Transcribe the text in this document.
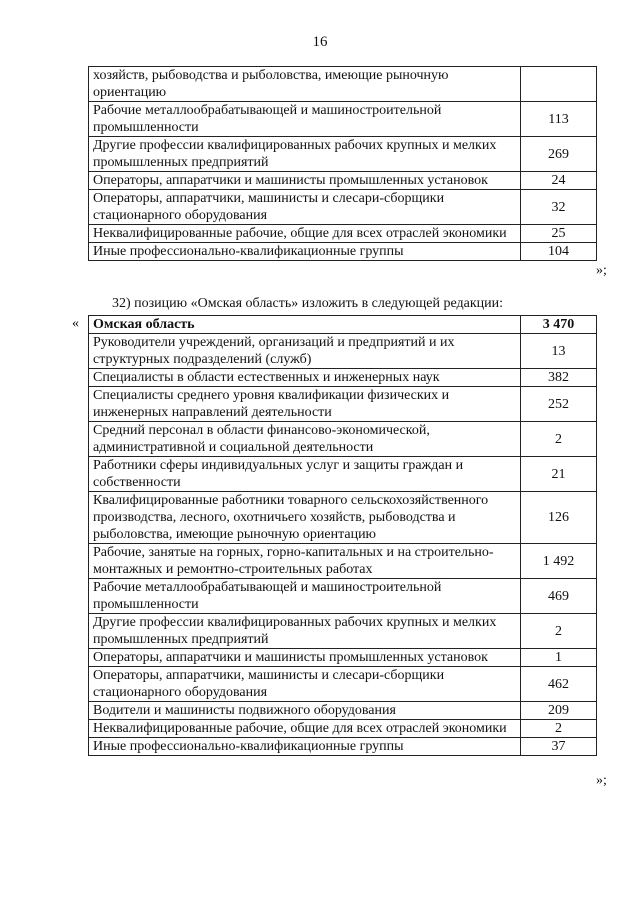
16
хозяйств, рыбоводства и рыболовства, имеющие рыночную ориентацию	
Рабочие металлообрабатывающей и машиностроительной промышленности	113
Другие профессии квалифицированных рабочих крупных и мелких промышленных предприятий	269
Операторы, аппаратчики и машинисты промышленных установок	24
Операторы, аппаратчики, машинисты и слесари-сборщики стационарного оборудования	32
Неквалифицированные рабочие, общие для всех отраслей экономики	25
Иные профессионально-квалификационные группы	104
»;
32) позицию «Омская область» изложить в следующей редакции:
« Омская область	3 470
Руководители учреждений, организаций и предприятий и их структурных подразделений (служб)	13
Специалисты в области естественных и инженерных наук	382
Специалисты среднего уровня квалификации физических и инженерных направлений деятельности	252
Средний персонал в области финансово-экономической, административной и социальной деятельности	2
Работники сферы индивидуальных услуг и защиты граждан и собственности	21
Квалифицированные работники товарного сельскохозяйственного производства, лесного, охотничьего хозяйств, рыбоводства и рыболовства, имеющие рыночную ориентацию	126
Рабочие, занятые на горных, горно-капитальных и на строительно-монтажных и ремонтно-строительных работах	1 492
Рабочие металлообрабатывающей и машиностроительной промышленности	469
Другие профессии квалифицированных рабочих крупных и мелких промышленных предприятий	2
Операторы, аппаратчики и машинисты промышленных установок	1
Операторы, аппаратчики, машинисты и слесари-сборщики стационарного оборудования	462
Водители и машинисты подвижного оборудования	209
Неквалифицированные рабочие, общие для всех отраслей экономики	2
Иные профессионально-квалификационные группы	37
»;
